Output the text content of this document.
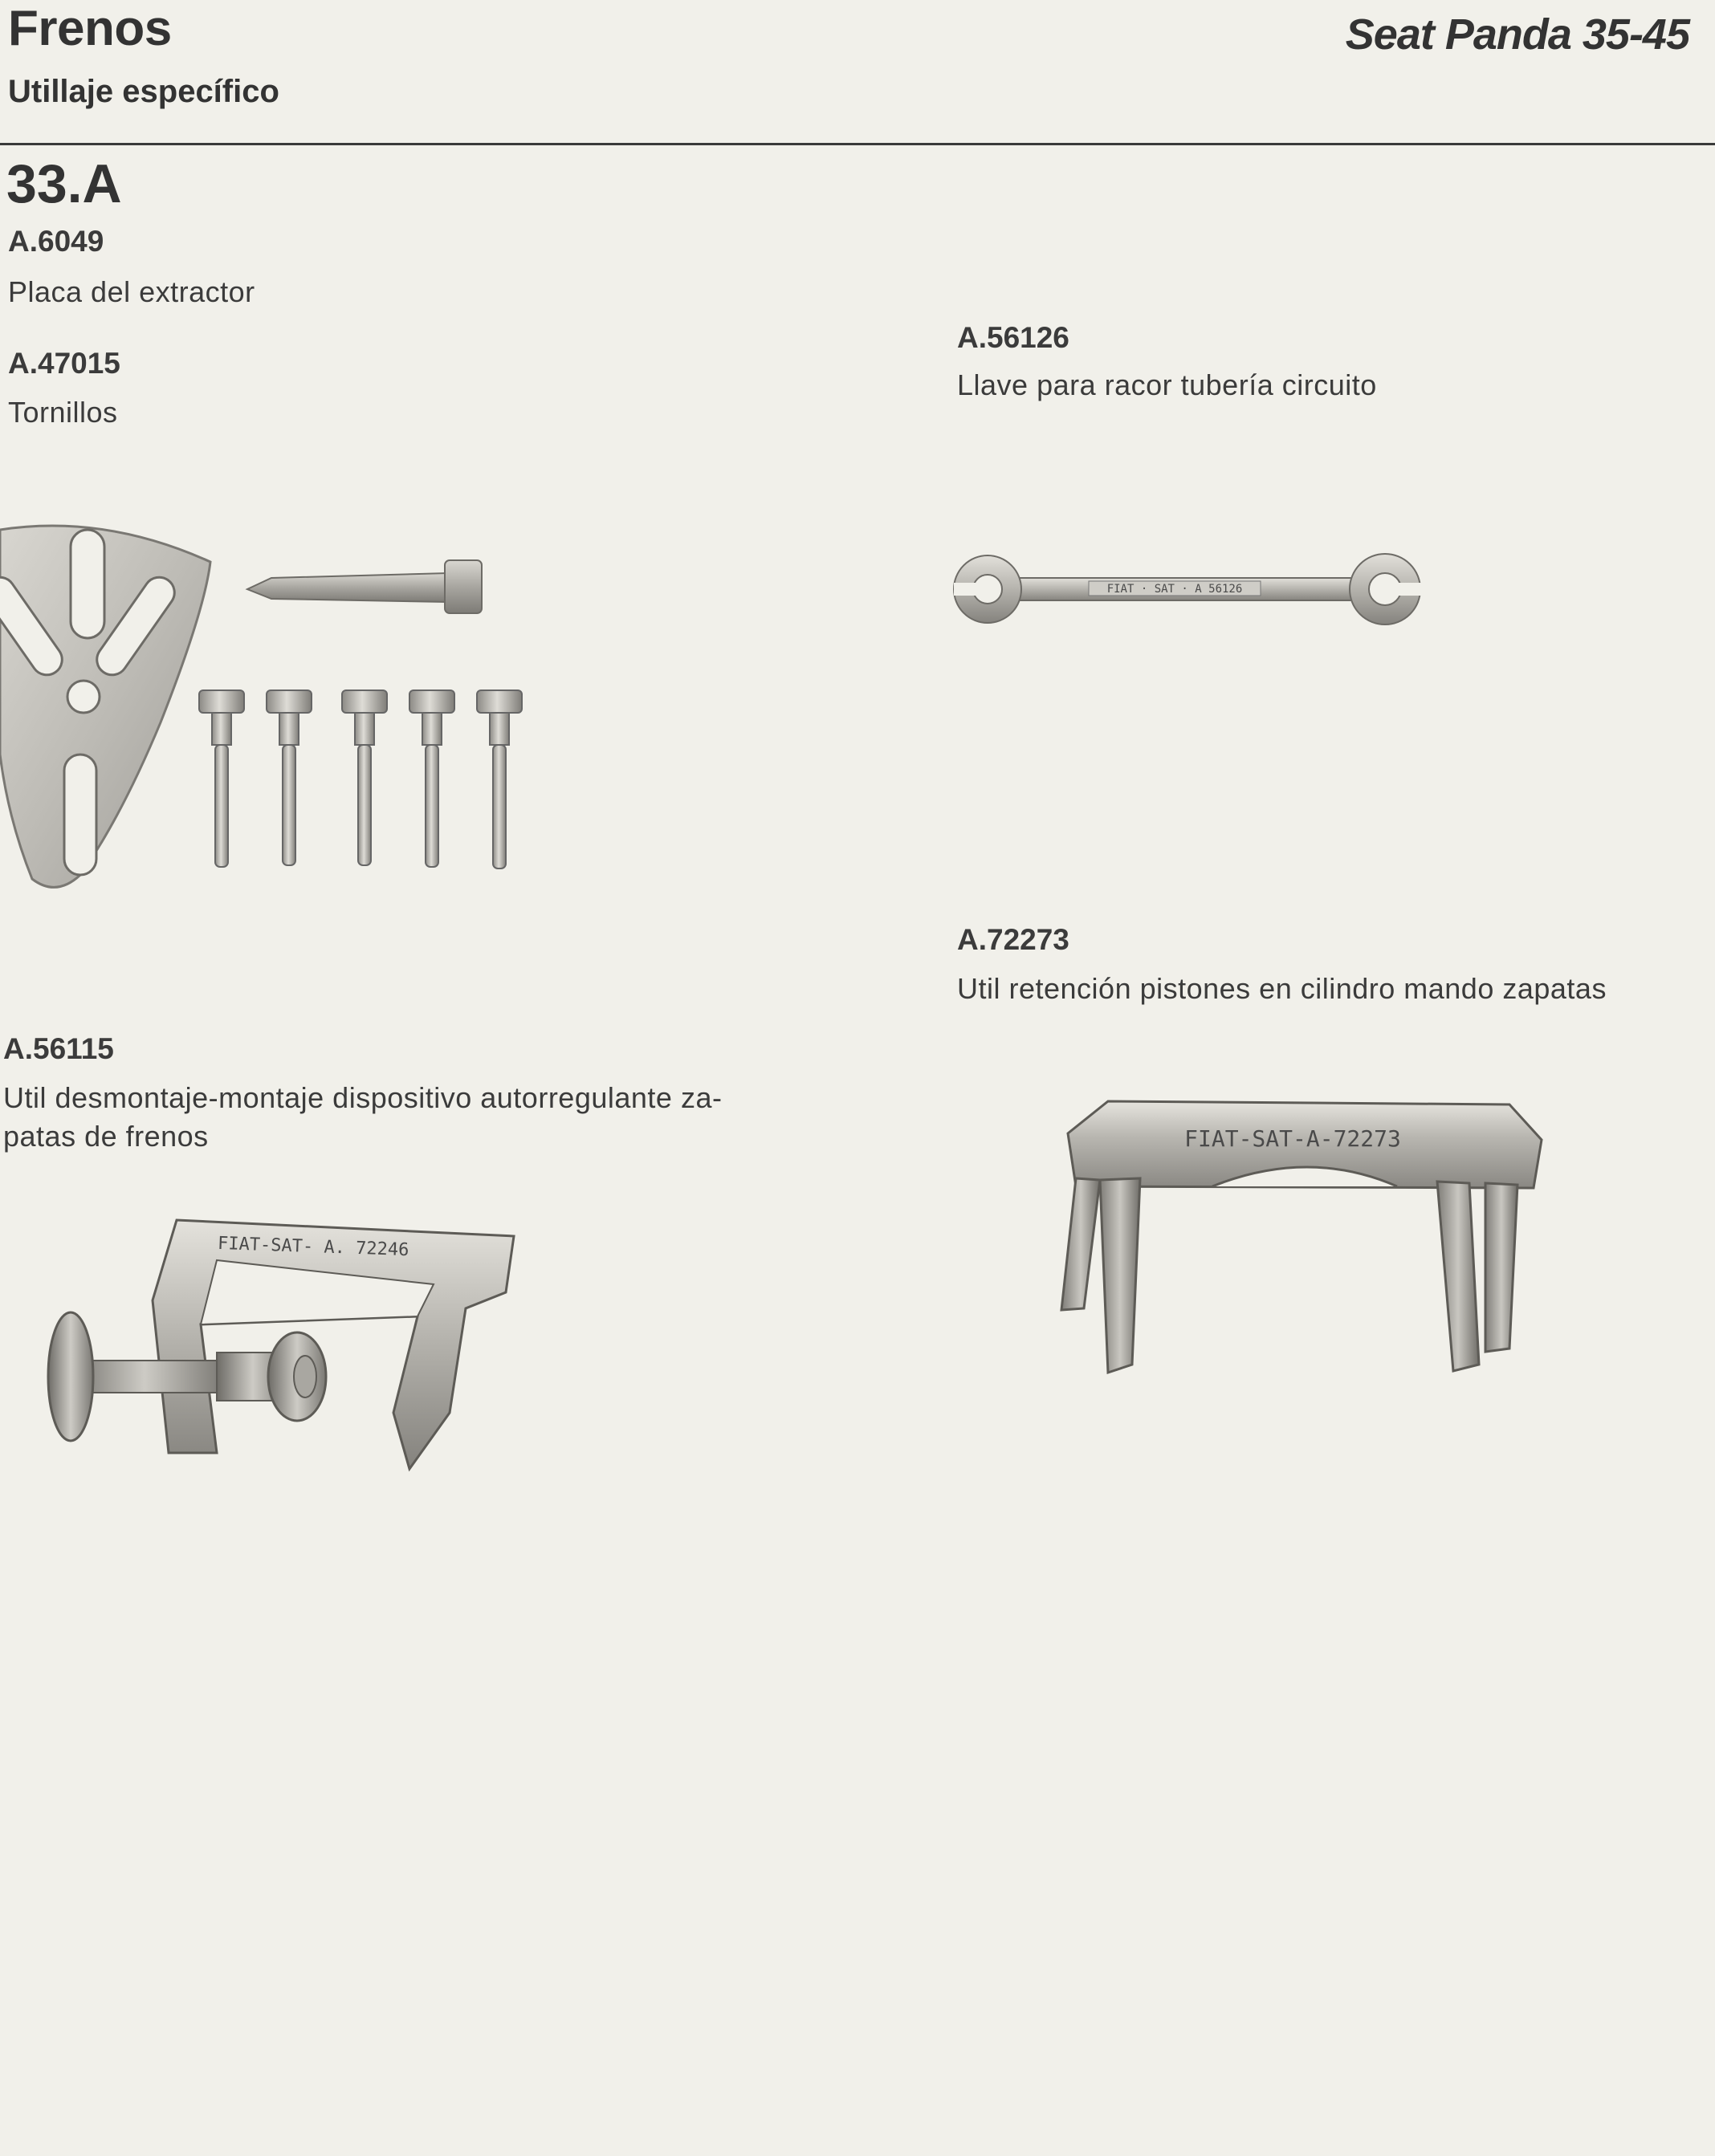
Frenos
Utillaje específico
Seat Panda 35-45
33.A
A.6049
Placa del extractor
A.47015
Tornillos
A.56126
Llave para racor tubería circuito
A.72273
Util retención pistones en cilindro mando zapatas
A.56115
Util desmontaje-montaje dispositivo autorregulante za-
patas de frenos
FIAT · SAT · A 56126
FIAT-SAT-A-72273
FIAT-SAT- A. 72246
